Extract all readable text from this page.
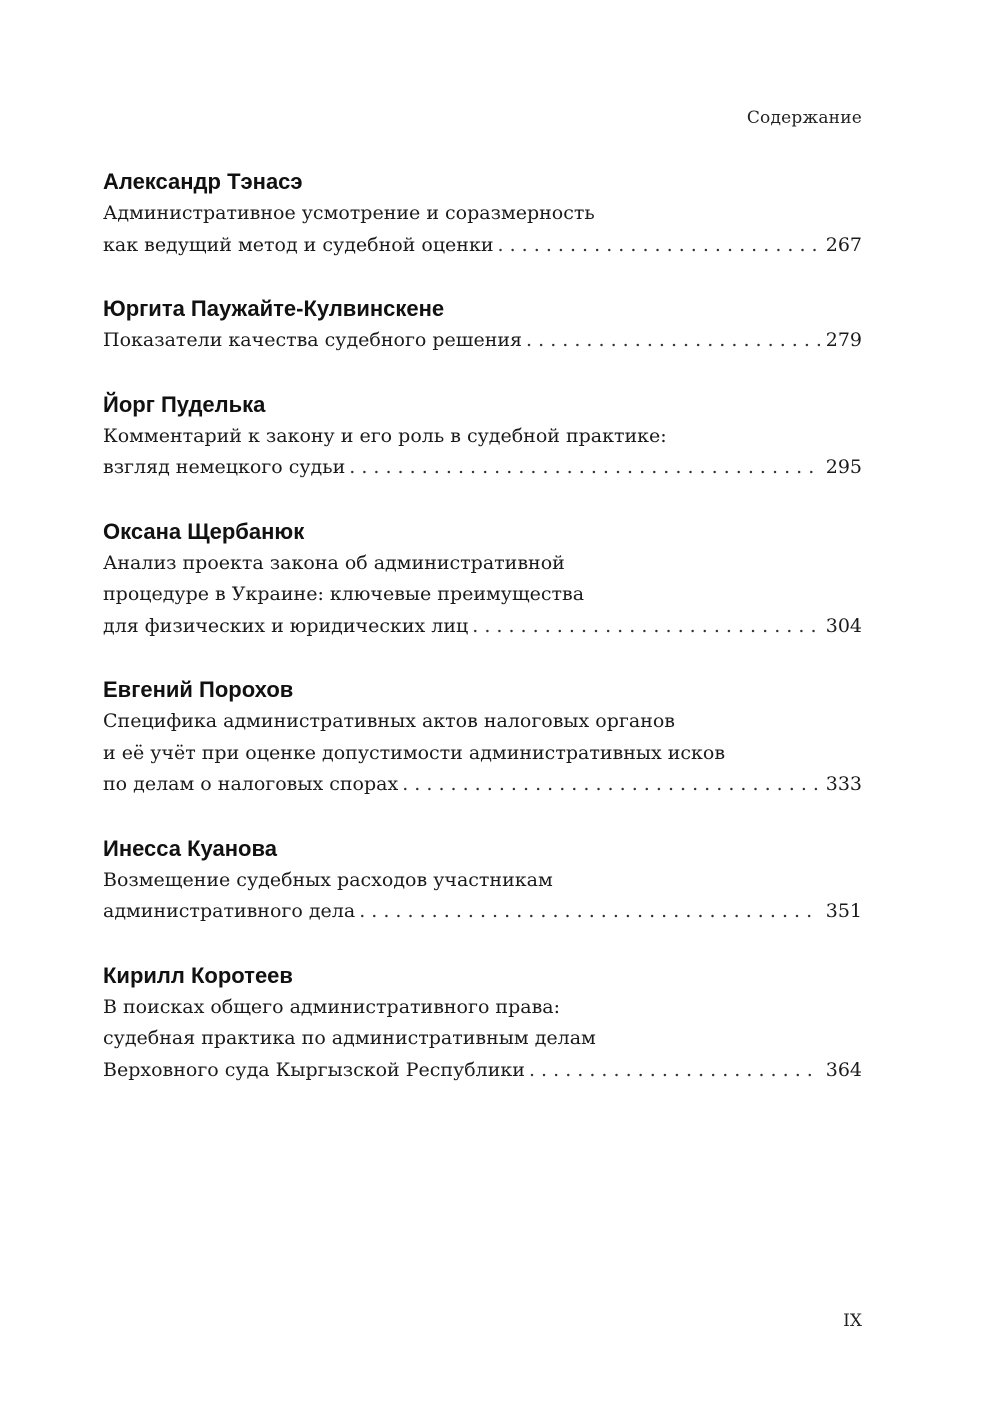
Содержание
Александр Тэнасэ
Административное усмотрение и соразмерность
как ведущий метод и судебной оценки . . .	267
Юргита Паужайте-Кулвинскене
Показатели качества судебного решения . . .	279
Йорг Пуделька
Комментарий к закону и его роль в судебной практике:
взгляд немецкого судьи . . .	295
Оксана Щербанюк
Анализ проекта закона об административной
процедуре в Украине: ключевые преимущества
для физических и юридических лиц . . .	304
Евгений Порохов
Специфика административных актов налоговых органов
и её учёт при оценке допустимости административных исков
по делам о налоговых спорах . . .	333
Инесса Куанова
Возмещение судебных расходов участникам
административного дела . . .	351
Кирилл Коротеев
В поисках общего административного права:
судебная практика по административным делам
Верховного суда Кыргызской Республики . . .	364
IX
